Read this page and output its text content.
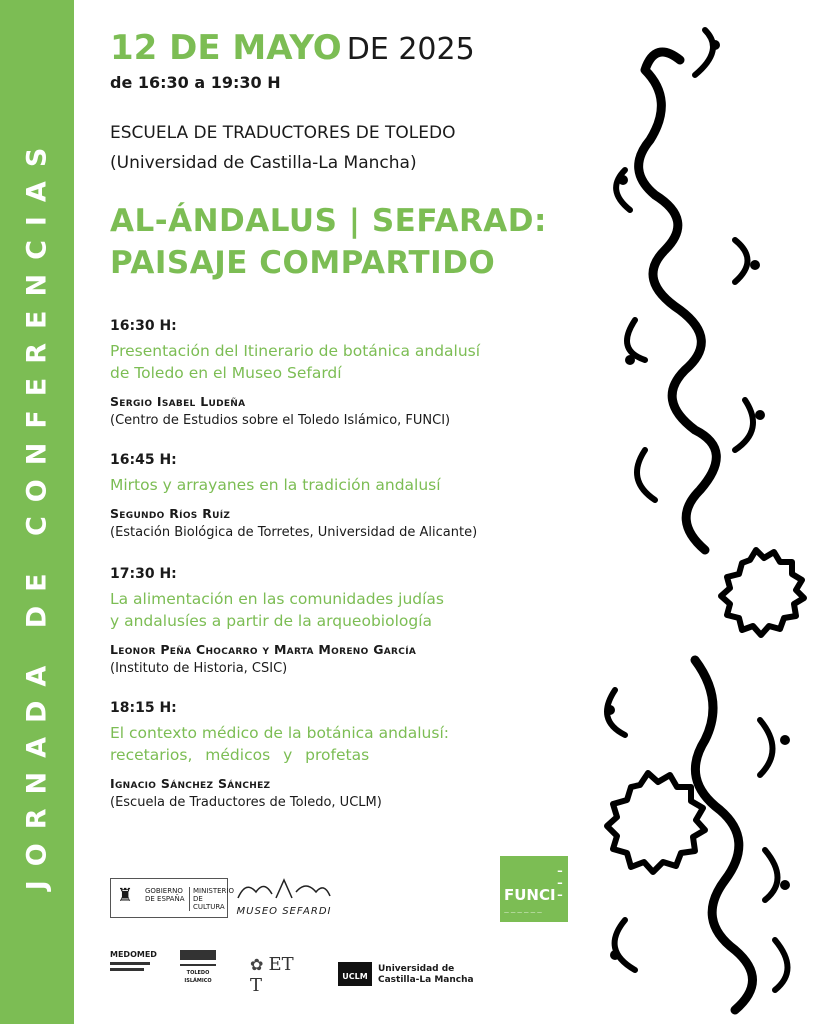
JORNADA DE CONFERENCIAS
12 DE MAYO DE 2025
de 16:30 a 19:30 H
ESCUELA DE TRADUCTORES DE TOLEDO
(Universidad de Castilla-La Mancha)
AL-ÁNDALUS | SEFARAD:
PAISAJE COMPARTIDO
16:30 H:
Presentación del Itinerario de botánica andalusí
de Toledo en el Museo Sefardí
Sergio Isabel Ludeña
(Centro de Estudios sobre el Toledo Islámico, FUNCI)
16:45 H:
Mirtos y arrayanes en la tradición andalusí
Segundo Ríos Ruíz
(Estación Biológica de Torretes, Universidad de Alicante)
17:30 H:
La alimentación en las comunidades judías
y andalusíes a partir de la arqueobiología
Leonor Peña Chocarro y Marta Moreno García
(Instituto de Historia, CSIC)
18:15 H:
El contexto médico de la botánica andalusí:
recetarios, médicos y profetas
Ignacio Sánchez Sánchez
(Escuela de Traductores de Toledo, UCLM)
♜ GOBIERNO DE ESPAÑA
MINISTERIO DE CULTURA	MUSEO SEFARDI
ـ
ـ
ـ
FUNCI
— — — — — —
MEDOMED
TOLEDO ISLÁMICO
✿ ET T	UCLM
Universidad de
Castilla-La Mancha
